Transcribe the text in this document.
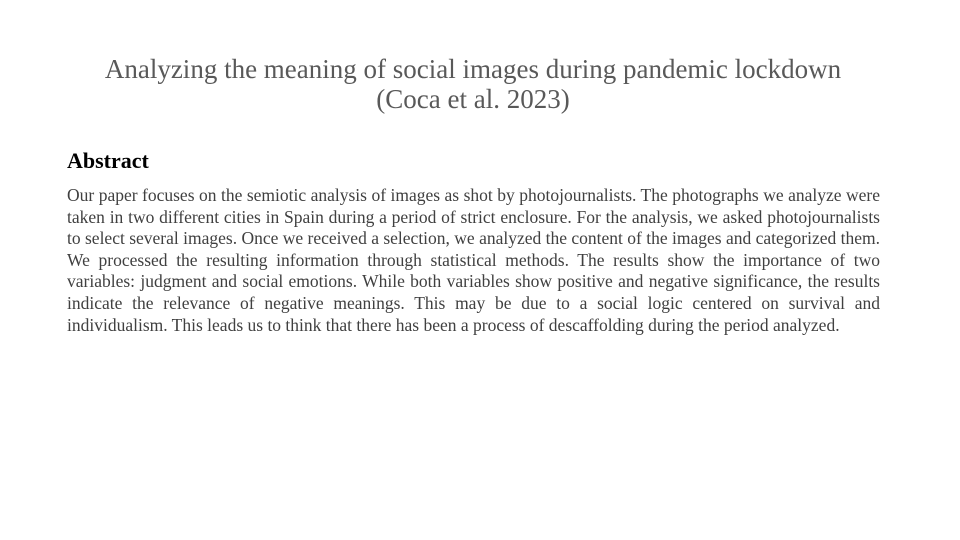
Analyzing the meaning of social images during pandemic lockdown
(Coca et al. 2023)
Abstract
Our paper focuses on the semiotic analysis of images as shot by photojournalists. The photographs we analyze were taken in two different cities in Spain during a period of strict enclosure. For the analysis, we asked photojournalists to select several images. Once we received a selection, we analyzed the content of the images and categorized them. We processed the resulting information through statistical methods. The results show the importance of two variables: judgment and social emotions. While both variables show positive and negative significance, the results indicate the relevance of negative meanings. This may be due to a social logic centered on survival and individualism. This leads us to think that there has been a process of descaffolding during the period analyzed.
